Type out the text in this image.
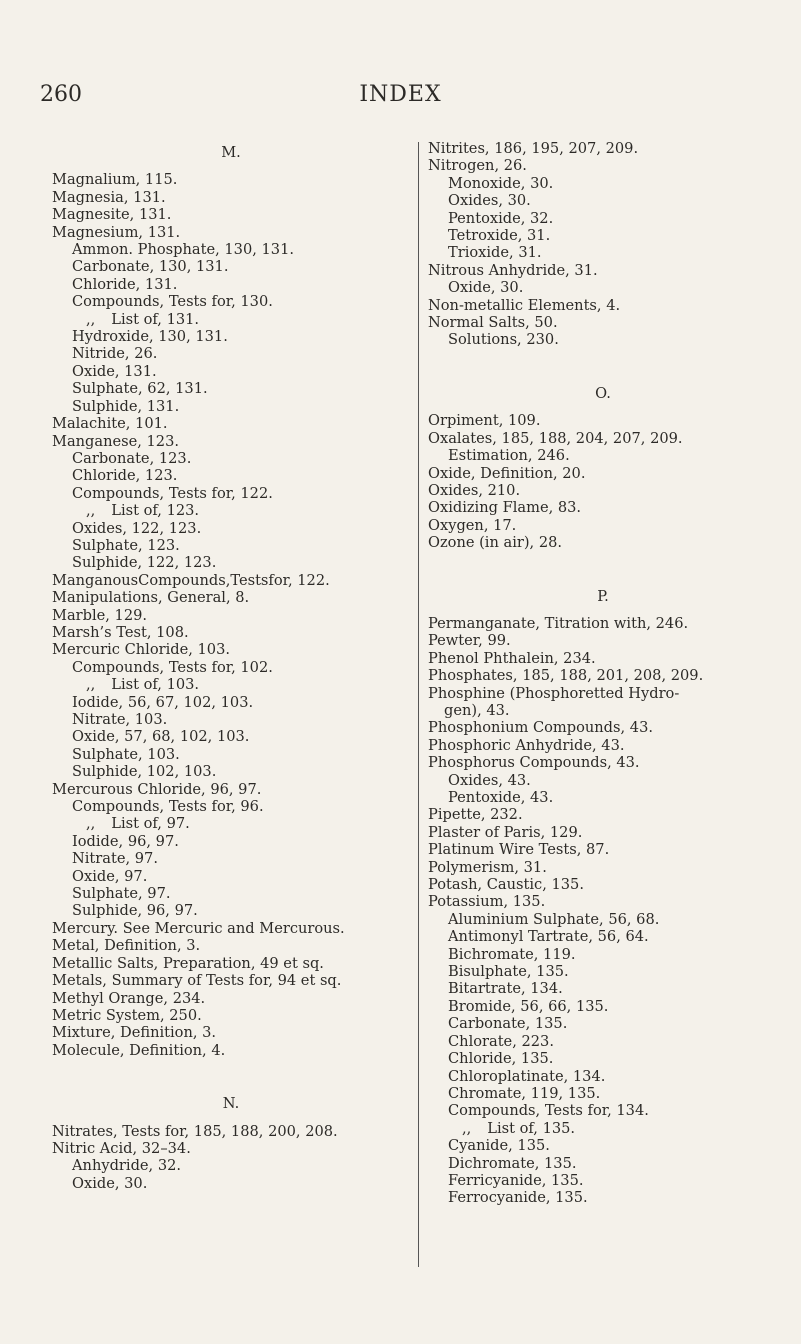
260	INDEX
M.
Magnalium, 115.
Magnesia, 131.
Magnesite, 131.
Magnesium, 131.
Ammon. Phosphate, 130, 131.
Carbonate, 130, 131.
Chloride, 131.
Compounds, Tests for, 130.
,, List of, 131.
Hydroxide, 130, 131.
Nitride, 26.
Oxide, 131.
Sulphate, 62, 131.
Sulphide, 131.
Malachite, 101.
Manganese, 123.
Carbonate, 123.
Chloride, 123.
Compounds, Tests for, 122.
,, List of, 123.
Oxides, 122, 123.
Sulphate, 123.
Sulphide, 122, 123.
ManganousCompounds,Testsfor, 122.
Manipulations, General, 8.
Marble, 129.
Marsh’s Test, 108.
Mercuric Chloride, 103.
Compounds, Tests for, 102.
,, List of, 103.
Iodide, 56, 67, 102, 103.
Nitrate, 103.
Oxide, 57, 68, 102, 103.
Sulphate, 103.
Sulphide, 102, 103.
Mercurous Chloride, 96, 97.
Compounds, Tests for, 96.
,, List of, 97.
Iodide, 96, 97.
Nitrate, 97.
Oxide, 97.
Sulphate, 97.
Sulphide, 96, 97.
Mercury. See Mercuric and Mercurous.
Metal, Definition, 3.
Metallic Salts, Preparation, 49 et sq.
Metals, Summary of Tests for, 94 et sq.
Methyl Orange, 234.
Metric System, 250.
Mixture, Definition, 3.
Molecule, Definition, 4.
N.
Nitrates, Tests for, 185, 188, 200, 208.
Nitric Acid, 32–34.
Anhydride, 32.
Oxide, 30.
Nitrites, 186, 195, 207, 209.
Nitrogen, 26.
Monoxide, 30.
Oxides, 30.
Pentoxide, 32.
Tetroxide, 31.
Trioxide, 31.
Nitrous Anhydride, 31.
Oxide, 30.
Non-metallic Elements, 4.
Normal Salts, 50.
Solutions, 230.
O.
Orpiment, 109.
Oxalates, 185, 188, 204, 207, 209.
Estimation, 246.
Oxide, Definition, 20.
Oxides, 210.
Oxidizing Flame, 83.
Oxygen, 17.
Ozone (in air), 28.
P.
Permanganate, Titration with, 246.
Pewter, 99.
Phenol Phthalein, 234.
Phosphates, 185, 188, 201, 208, 209.
Phosphine (Phosphoretted Hydro-
gen), 43.
Phosphonium Compounds, 43.
Phosphoric Anhydride, 43.
Phosphorus Compounds, 43.
Oxides, 43.
Pentoxide, 43.
Pipette, 232.
Plaster of Paris, 129.
Platinum Wire Tests, 87.
Polymerism, 31.
Potash, Caustic, 135.
Potassium, 135.
Aluminium Sulphate, 56, 68.
Antimonyl Tartrate, 56, 64.
Bichromate, 119.
Bisulphate, 135.
Bitartrate, 134.
Bromide, 56, 66, 135.
Carbonate, 135.
Chlorate, 223.
Chloride, 135.
Chloroplatinate, 134.
Chromate, 119, 135.
Compounds, Tests for, 134.
,, List of, 135.
Cyanide, 135.
Dichromate, 135.
Ferricyanide, 135.
Ferrocyanide, 135.
